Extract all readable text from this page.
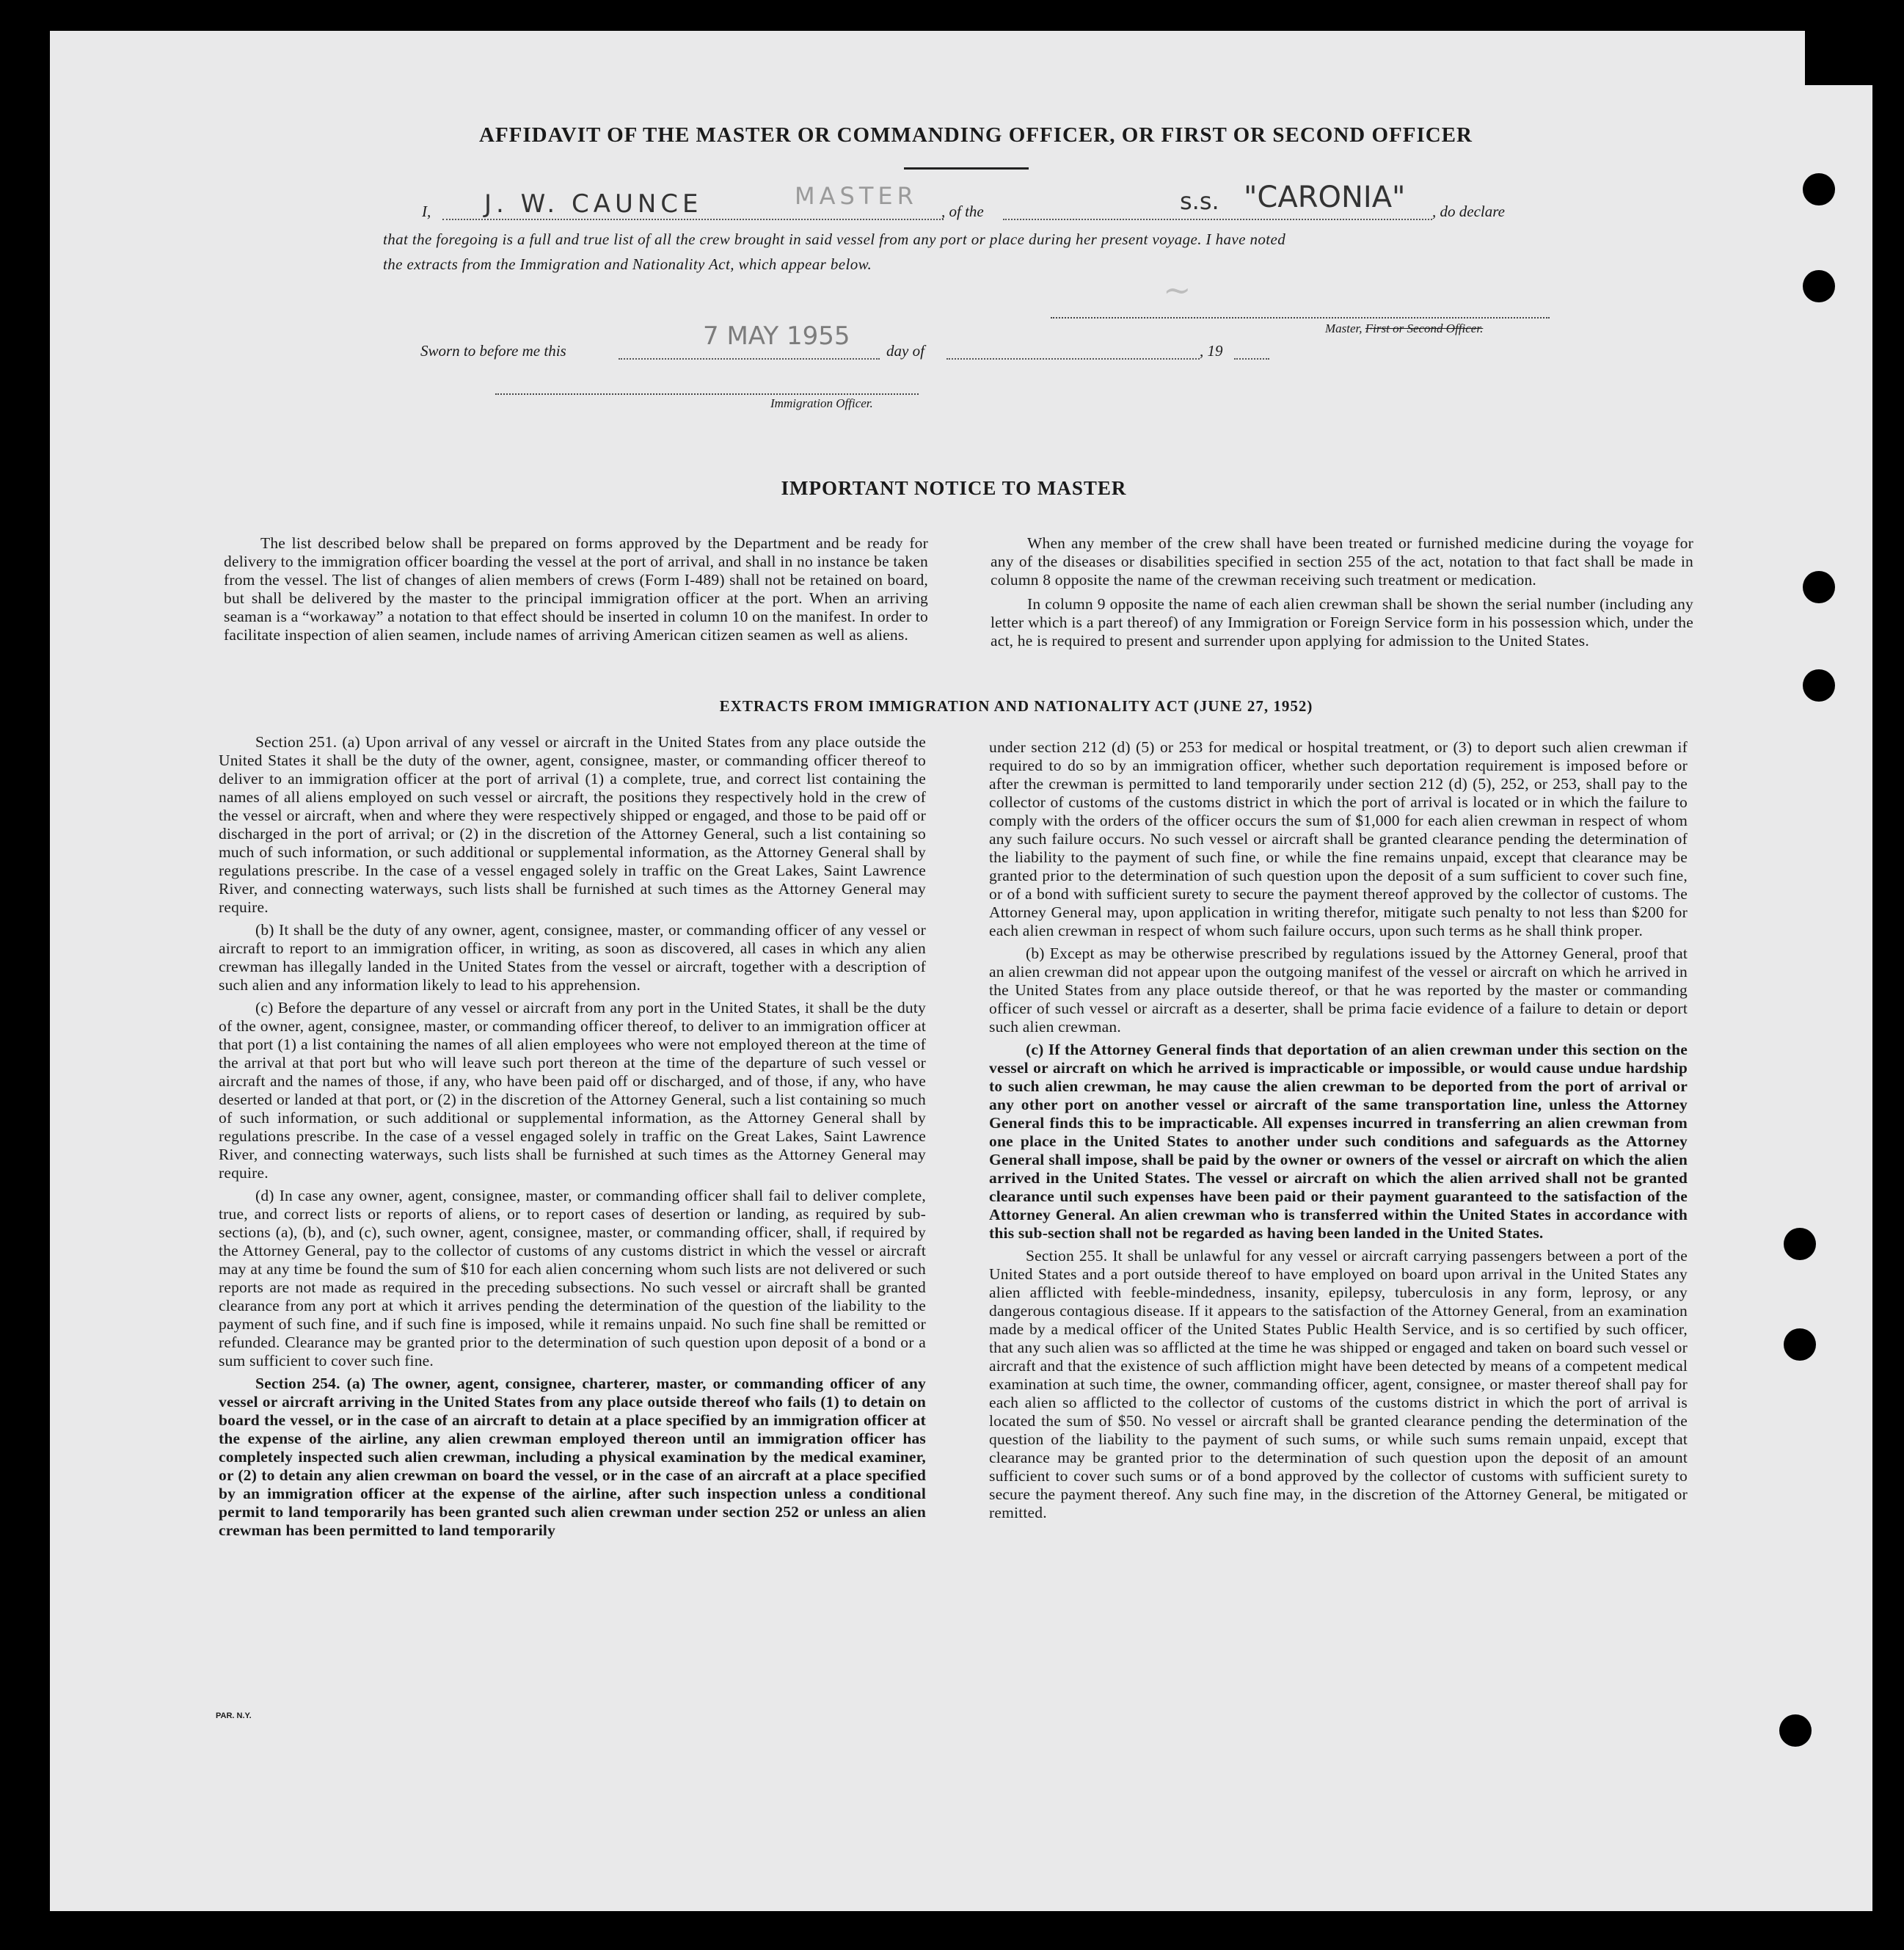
AFFIDAVIT OF THE MASTER OR COMMANDING OFFICER, OR FIRST OR SECOND OFFICER
I, J. W. CAUNCE	MASTER
, of the	s.s. "CARONIA" , do declare
that the foregoing is a full and true list of all the crew brought in said vessel from any port or place during her present voyage. I have noted
the extracts from the Immigration and Nationality Act, which appear below.
~
Master, First or Second Officer.
Sworn to before me this	7 MAY 1955 day of	, 19
Immigration Officer.
IMPORTANT NOTICE TO MASTER

The list described below shall be prepared on forms approved by the Department and be ready for delivery to the immigration officer boarding the vessel at the port of arrival, and shall in no instance be taken from the vessel. The list of changes of alien members of crews (Form I-489) shall not be retained on board, but shall be delivered by the master to the principal immigration officer at the port. When an arriving seaman is a “workaway” a notation to that effect should be inserted in column 10 on the manifest. In order to facilitate inspection of alien seamen, include names of arriving American citizen seamen as well as aliens.

When any member of the crew shall have been treated or furnished medicine during the voyage for any of the diseases or disabilities specified in section 255 of the act, notation to that fact shall be made in column 8 opposite the name of the crewman receiving such treatment or medication.

In column 9 opposite the name of each alien crewman shall be shown the serial number (including any letter which is a part thereof) of any Immigration or Foreign Service form in his possession which, under the act, he is required to present and surrender upon applying for admission to the United States.

EXTRACTS FROM IMMIGRATION AND NATIONALITY ACT (JUNE 27, 1952)

Section 251. (a) Upon arrival of any vessel or aircraft in the United States from any place outside the United States it shall be the duty of the owner, agent, consignee, master, or commanding officer thereof to deliver to an immigration officer at the port of arrival (1) a complete, true, and correct list containing the names of all aliens employed on such vessel or aircraft, the positions they respectively hold in the crew of the vessel or aircraft, when and where they were respectively shipped or engaged, and those to be paid off or discharged in the port of arrival; or (2) in the discretion of the Attorney General, such a list containing so much of such information, or such additional or supplemental information, as the Attorney General shall by regulations prescribe. In the case of a vessel engaged solely in traffic on the Great Lakes, Saint Lawrence River, and connecting waterways, such lists shall be furnished at such times as the Attorney General may require.

(b) It shall be the duty of any owner, agent, consignee, master, or commanding officer of any vessel or aircraft to report to an immigration officer, in writing, as soon as discovered, all cases in which any alien crewman has illegally landed in the United States from the vessel or aircraft, together with a description of such alien and any information likely to lead to his apprehension.

(c) Before the departure of any vessel or aircraft from any port in the United States, it shall be the duty of the owner, agent, consignee, master, or commanding officer thereof, to deliver to an immigration officer at that port (1) a list containing the names of all alien employees who were not employed thereon at the time of the arrival at that port but who will leave such port thereon at the time of the departure of such vessel or aircraft and the names of those, if any, who have been paid off or discharged, and of those, if any, who have deserted or landed at that port, or (2) in the discretion of the Attorney General, such a list containing so much of such information, or such additional or supplemental information, as the Attorney General shall by regulations prescribe. In the case of a vessel engaged solely in traffic on the Great Lakes, Saint Lawrence River, and connecting waterways, such lists shall be furnished at such times as the Attorney General may require.

(d) In case any owner, agent, consignee, master, or commanding officer shall fail to deliver complete, true, and correct lists or reports of aliens, or to report cases of desertion or landing, as required by sub-sections (a), (b), and (c), such owner, agent, consignee, master, or commanding officer, shall, if required by the Attorney General, pay to the collector of customs of any customs district in which the vessel or aircraft may at any time be found the sum of $10 for each alien concerning whom such lists are not delivered or such reports are not made as required in the preceding subsections. No such vessel or aircraft shall be granted clearance from any port at which it arrives pending the determination of the question of the liability to the payment of such fine, and if such fine is imposed, while it remains unpaid. No such fine shall be remitted or refunded. Clearance may be granted prior to the determination of such question upon deposit of a bond or a sum sufficient to cover such fine.

Section 254. (a) The owner, agent, consignee, charterer, master, or commanding officer of any vessel or aircraft arriving in the United States from any place outside thereof who fails (1) to detain on board the vessel, or in the case of an aircraft to detain at a place specified by an immigration officer at the expense of the airline, any alien crewman employed thereon until an immigration officer has completely inspected such alien crewman, including a physical examination by the medical examiner, or (2) to detain any alien crewman on board the vessel, or in the case of an aircraft at a place specified by an immigration officer at the expense of the airline, after such inspection unless a conditional permit to land temporarily has been granted such alien crewman under section 252 or unless an alien crewman has been permitted to land temporarily

under section 212 (d) (5) or 253 for medical or hospital treatment, or (3) to deport such alien crewman if required to do so by an immigration officer, whether such deportation requirement is imposed before or after the crewman is permitted to land temporarily under section 212 (d) (5), 252, or 253, shall pay to the collector of customs of the customs district in which the port of arrival is located or in which the failure to comply with the orders of the officer occurs the sum of $1,000 for each alien crewman in respect of whom any such failure occurs. No such vessel or aircraft shall be granted clearance pending the determination of the liability to the payment of such fine, or while the fine remains unpaid, except that clearance may be granted prior to the determination of such question upon the deposit of a sum sufficient to cover such fine, or of a bond with sufficient surety to secure the payment thereof approved by the collector of customs. The Attorney General may, upon application in writing therefor, mitigate such penalty to not less than $200 for each alien crewman in respect of whom such failure occurs, upon such terms as he shall think proper.

(b) Except as may be otherwise prescribed by regulations issued by the Attorney General, proof that an alien crewman did not appear upon the outgoing manifest of the vessel or aircraft on which he arrived in the United States from any place outside thereof, or that he was reported by the master or commanding officer of such vessel or aircraft as a deserter, shall be prima facie evidence of a failure to detain or deport such alien crewman.

(c) If the Attorney General finds that deportation of an alien crewman under this section on the vessel or aircraft on which he arrived is impracticable or impossible, or would cause undue hardship to such alien crewman, he may cause the alien crewman to be deported from the port of arrival or any other port on another vessel or aircraft of the same transportation line, unless the Attorney General finds this to be impracticable. All expenses incurred in transferring an alien crewman from one place in the United States to another under such conditions and safeguards as the Attorney General shall impose, shall be paid by the owner or owners of the vessel or aircraft on which the alien arrived in the United States. The vessel or aircraft on which the alien arrived shall not be granted clearance until such expenses have been paid or their payment guaranteed to the satisfaction of the Attorney General. An alien crewman who is transferred within the United States in accordance with this sub-section shall not be regarded as having been landed in the United States.

Section 255. It shall be unlawful for any vessel or aircraft carrying passengers between a port of the United States and a port outside thereof to have employed on board upon arrival in the United States any alien afflicted with feeble-mindedness, insanity, epilepsy, tuberculosis in any form, leprosy, or any dangerous contagious disease. If it appears to the satisfaction of the Attorney General, from an examination made by a medical officer of the United States Public Health Service, and is so certified by such officer, that any such alien was so afflicted at the time he was shipped or engaged and taken on board such vessel or aircraft and that the existence of such affliction might have been detected by means of a competent medical examination at such time, the owner, commanding officer, agent, consignee, or master thereof shall pay for each alien so afflicted to the collector of customs of the customs district in which the port of arrival is located the sum of $50. No vessel or aircraft shall be granted clearance pending the determination of the question of the liability to the payment of such sums, or while such sums remain unpaid, except that clearance may be granted prior to the determination of such question upon the deposit of an amount sufficient to cover such sums or of a bond approved by the collector of customs with sufficient surety to secure the payment thereof. Any such fine may, in the discretion of the Attorney General, be mitigated or remitted.

PAR. N.Y.
